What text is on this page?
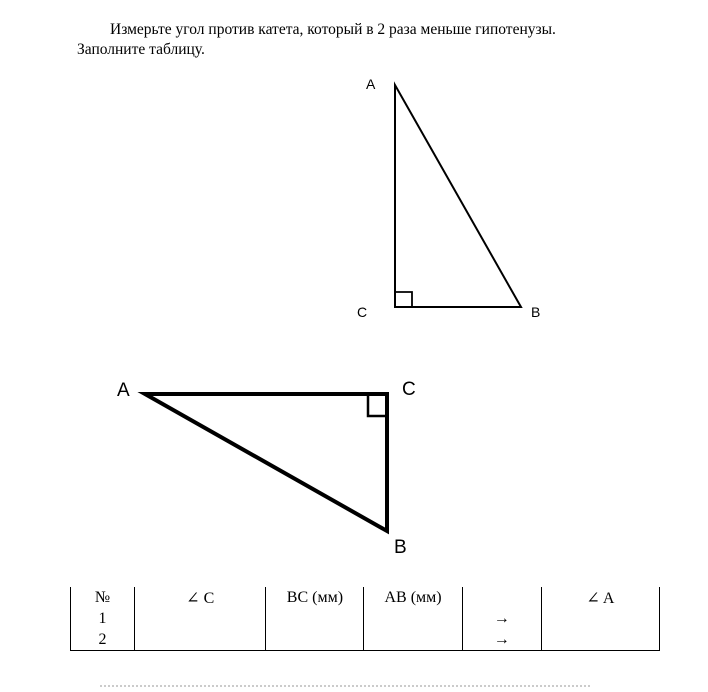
Измерьте угол против катета, который в 2 раза меньше гипотенузы.
Заполните таблицу.
A
B
C
A
B
C
№	∠ C	BC (мм)	AB (мм)		∠ A
1				→	
2				→	
